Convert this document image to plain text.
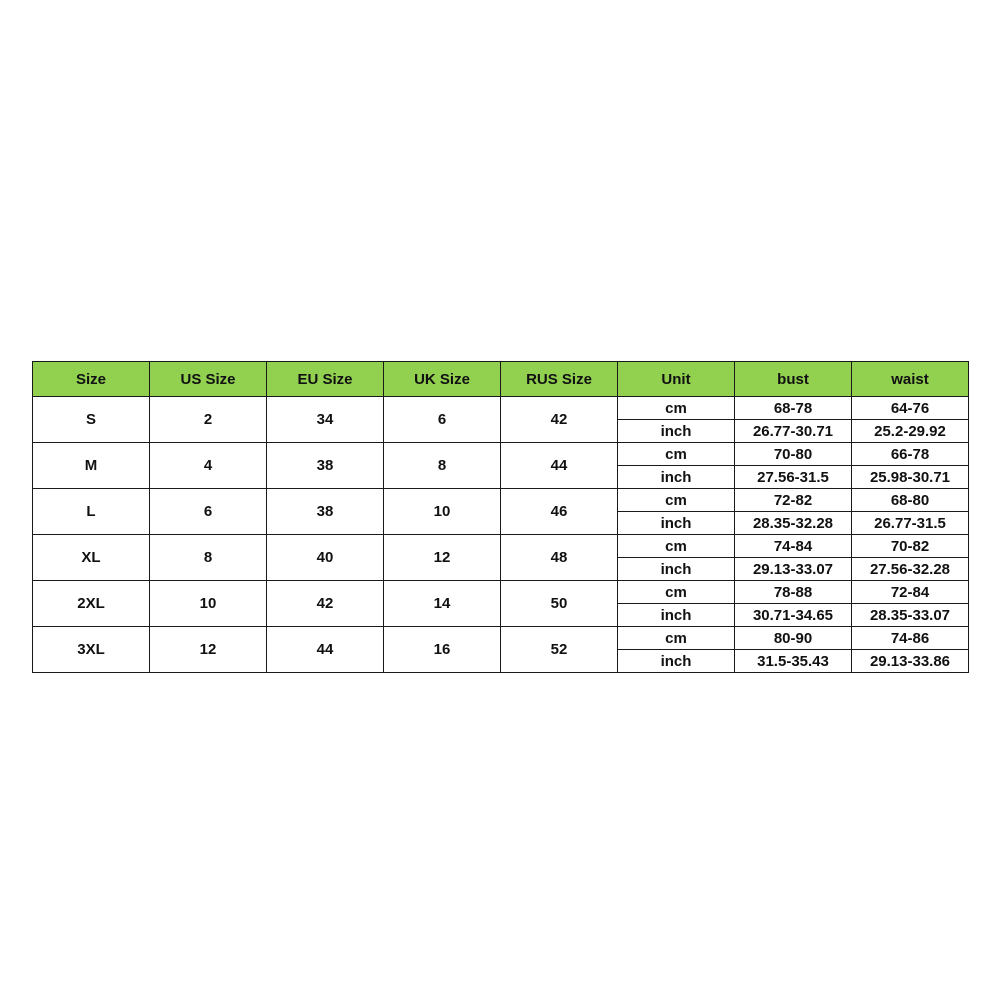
Size	US Size	EU Size	UK Size	RUS Size	Unit	bust	waist
S	2	34	6	42	cm	68-78	64-76
					inch	26.77-30.71	25.2-29.92
M	4	38	8	44	cm	70-80	66-78
					inch	27.56-31.5	25.98-30.71
L	6	38	10	46	cm	72-82	68-80
					inch	28.35-32.28	26.77-31.5
XL	8	40	12	48	cm	74-84	70-82
					inch	29.13-33.07	27.56-32.28
2XL	10	42	14	50	cm	78-88	72-84
					inch	30.71-34.65	28.35-33.07
3XL	12	44	16	52	cm	80-90	74-86
					inch	31.5-35.43	29.13-33.86
